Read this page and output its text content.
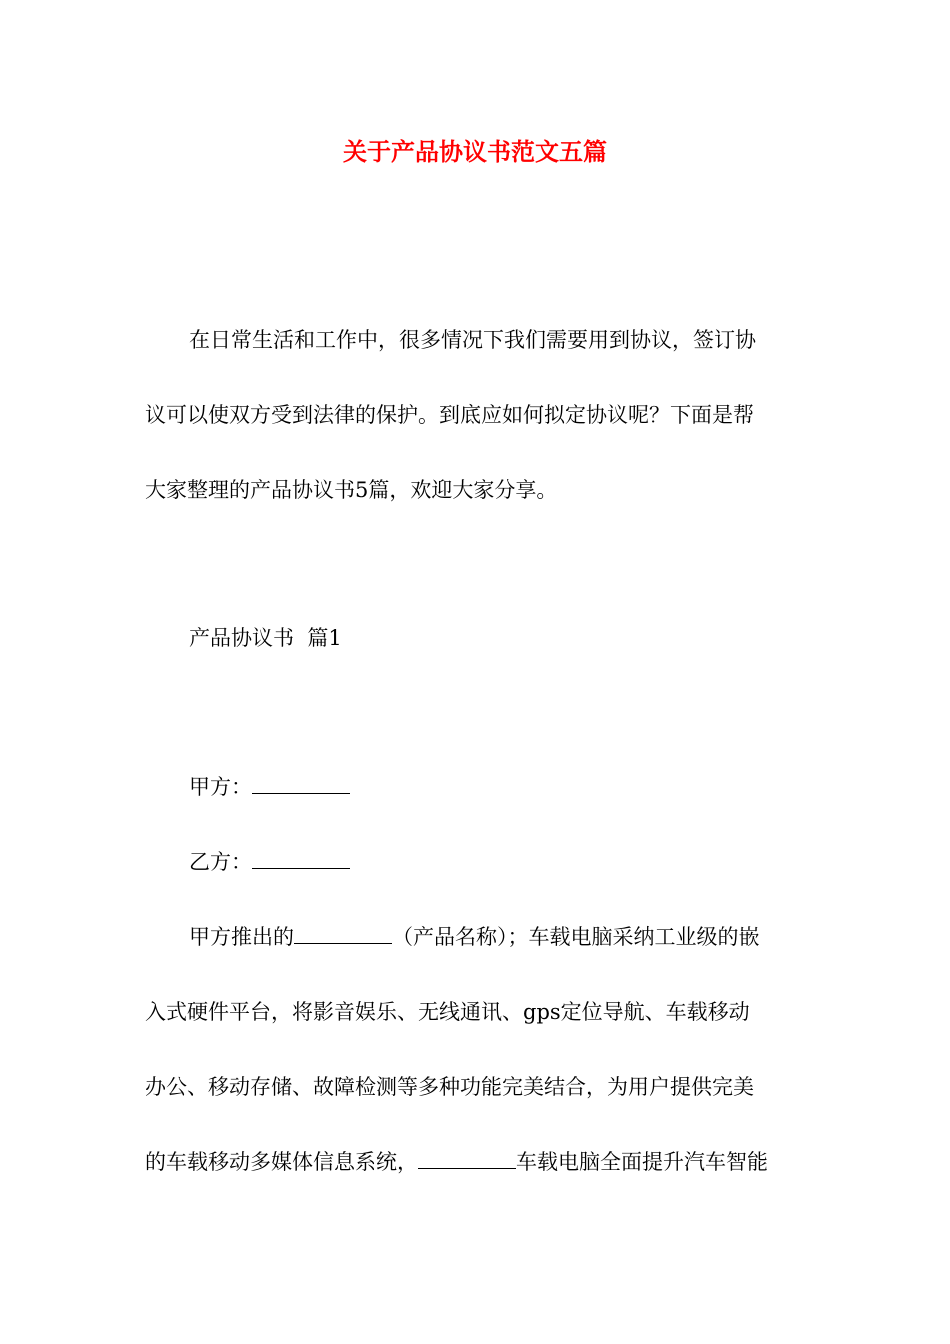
关于产品协议书范文五篇

在日常生活和工作中，很多情况下我们需要用到协议，签订协

议可以使双方受到法律的保护。到底应如何拟定协议呢？下面是帮

大家整理的产品协议书5篇，欢迎大家分享。

产品协议书  篇1

甲方：

乙方：

甲方推出的	（产品名称）；车载电脑采纳工业级的嵌

入式硬件平台，将影音娱乐、无线通讯、gps定位导航、车载移动

办公、移动存储、故障检测等多种功能完美结合，为用户提供完美

的车载移动多媒体信息系统，	车载电脑全面提升汽车智能
